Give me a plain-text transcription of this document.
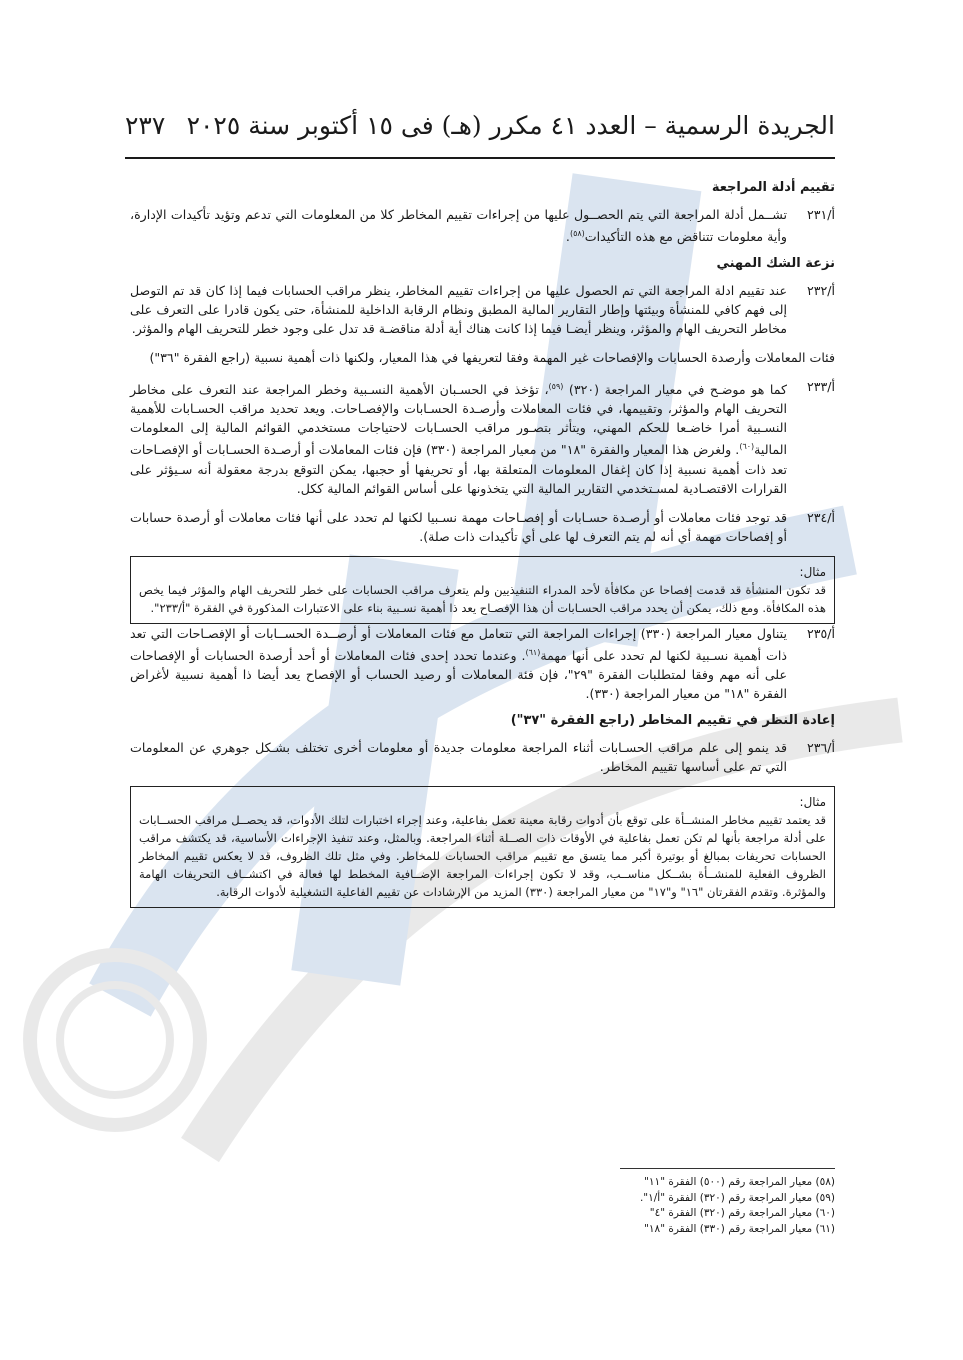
الجريدة الرسمية – العدد ٤١ مكرر (هـ) فى ١٥ أكتوبر سنة ٢٠٢٥
٢٣٧

تقييم أدلة المراجعة

أ/٢٣١
تشــمل أدلة المراجعة التي يتم الحصــول عليها من إجراءات تقييم المخاطر كلا من المعلومات التي تدعم وتؤيد تأكيدات الإدارة، وأية معلومات تتناقض مع هذه التأكيدات$^{(٥٨)}$.

نزعة الشك المهني

أ/٢٣٢
عند تقييم ادلة المراجعة التي تم الحصول عليها من إجراءات تقييم المخاطر، ينظر مراقب الحسابات فيما إذا كان قد تم التوصل إلى فهم كافي للمنشأة وبيئتها وإطار التقارير المالية المطبق ونظام الرقابة الداخلية للمنشأة، حتى يكون قادرا على التعرف على مخاطر التحريف الهام والمؤثر، وينظر أيضـا فيما إذا كانت هناك أية أدلة مناقضـة قد تدل على وجود خطر للتحريف الهام والمؤثر.

فئات المعاملات وأرصدة الحسابات والإفصاحات غير المهمة وفقا لتعريفها في هذا المعيار، ولكنها ذات أهمية نسبية (راجع الفقرة "٣٦")

أ/٢٣٣
كما هو موضـح في معيار المراجعة (٣٢٠) $^{(٥٩)}$، تؤخذ في الحسـبان الأهمية النسـبية وخطر المراجعة عند التعرف على مخاطر التحريف الهام والمؤثر، وتقييمها، في فئات المعاملات وأرصـدة الحسـابات والإفصـاحات. ويعد تحديد مراقب الحسـابات للأهمية النسـبية أمرا خاضـعا للحكم المهني، ويتأثر بتصـور مراقب الحسـابات لاحتياجات مستخدمي القوائم المالية إلى المعلومات المالية$^{(٦٠)}$. ولغرض هذا المعيار والفقرة "١٨" من معيار المراجعة (٣٣٠) فإن فئات المعاملات أو أرصـدة الحسـابات أو الإفصـاحات تعد ذات أهمية نسبية إذا كان إغفال المعلومات المتعلقة بها، أو تحريفها أو حجبها، يمكن التوقع بدرجة معقولة أنه سـيؤثر على القرارات الاقتصـادية لمسـتخدمي التقارير المالية التي يتخذونها على أساس القوائم المالية ككل.
أ/٢٣٤
قد توجد فئات معاملات أو أرصـدة حسـابات أو إفصـاحات مهمة نسـبيا لكنها لم تحدد على أنها فئات معاملات أو أرصدة حسابات أو إفصاحات مهمة أي أنه لم يتم التعرف لها على أي تأكيدات ذات صلة).
مثال:
قد تكون المنشأة قد قدمت إفصاحا عن مكافأة لأحد المدراء التنفيذيين ولم يتعرف مراقب الحسابات على خطر للتحريف الهام والمؤثر فيما يخص هذه المكافأة. ومع ذلك، يمكن أن يحدد مراقب الحسـابات أن هذا الإفصـاح يعد ذا أهمية نسـبية بناء على الاعتبارات المذكورة في الفقرة "أ/٢٣٣".
أ/٢٣٥
يتناول معيار المراجعة (٣٣٠) إجراءات المراجعة التي تتعامل مع فئات المعاملات أو أرصــدة الحســابات أو الإفصـاحات التي تعد ذات أهمية نسـبية لكنها لم تحدد على أنها مهمة$^{(٦١)}$. وعندما تحدد إحدى فئات المعاملات أو أحد أرصدة الحسابات أو الإفصاحات على أنه مهم وفقا لمتطلبات الفقرة "٢٩"، فإن فئة المعاملات أو رصيد الحساب أو الإفصاح يعد أيضا ذا أهمية نسبية لأغراض الفقرة "١٨" من معيار المراجعة (٣٣٠).

إعادة النظر في تقييم المخاطر (راجع الفقرة "٣٧")

أ/٢٣٦
قد ينمو إلى علم مراقب الحسـابات أثناء المراجعة معلومات جديدة أو معلومات أخرى تختلف بشـكل جوهري عن المعلومات التي تم على أساسها تقييم المخاطر.
مثال:
قد يعتمد تقييم مخاطر المنشــأة على توقع بأن أدوات رقابة معينة تعمل بفاعلية، وعند إجراء اختبارات لتلك الأدوات، قد يحصــل مراقب الحســابات على أدلة مراجعة بأنها لم تكن تعمل بفاعلية في الأوقات ذات الصــلة أثناء المراجعة. وبالمثل، وعند تنفيذ الإجراءات الأساسية، قد يكتشف مراقب الحسابات تحريفات بمبالغ أو بوتيرة أكبر مما يتسق مع تقييم مراقب الحسابات للمخاطر. وفي مثل تلك الظروف، قد لا يعكس تقييم المخاطر الظروف الفعلية للمنشــأة بشــكل مناســب، وقد لا تكون إجراءات المراجعة الإضــافية المخطط لها فعالة في اكتشــاف التحريفات الهامة والمؤثرة. وتقدم الفقرتان "١٦" و"١٧" من معيار المراجعة (٣٣٠) المزيد من الإرشادات عن تقييم الفاعلية التشغيلية لأدوات الرقابة.
(٥٨) معيار المراجعة رقم (٥٠٠) الفقرة "١١"
(٥٩) معيار المراجعة رقم (٣٢٠) الفقرة "أ/١".
(٦٠) معيار المراجعة رقم (٣٢٠) الفقرة "٤"
(٦١) معيار المراجعة رقم (٣٣٠) الفقرة "١٨"
